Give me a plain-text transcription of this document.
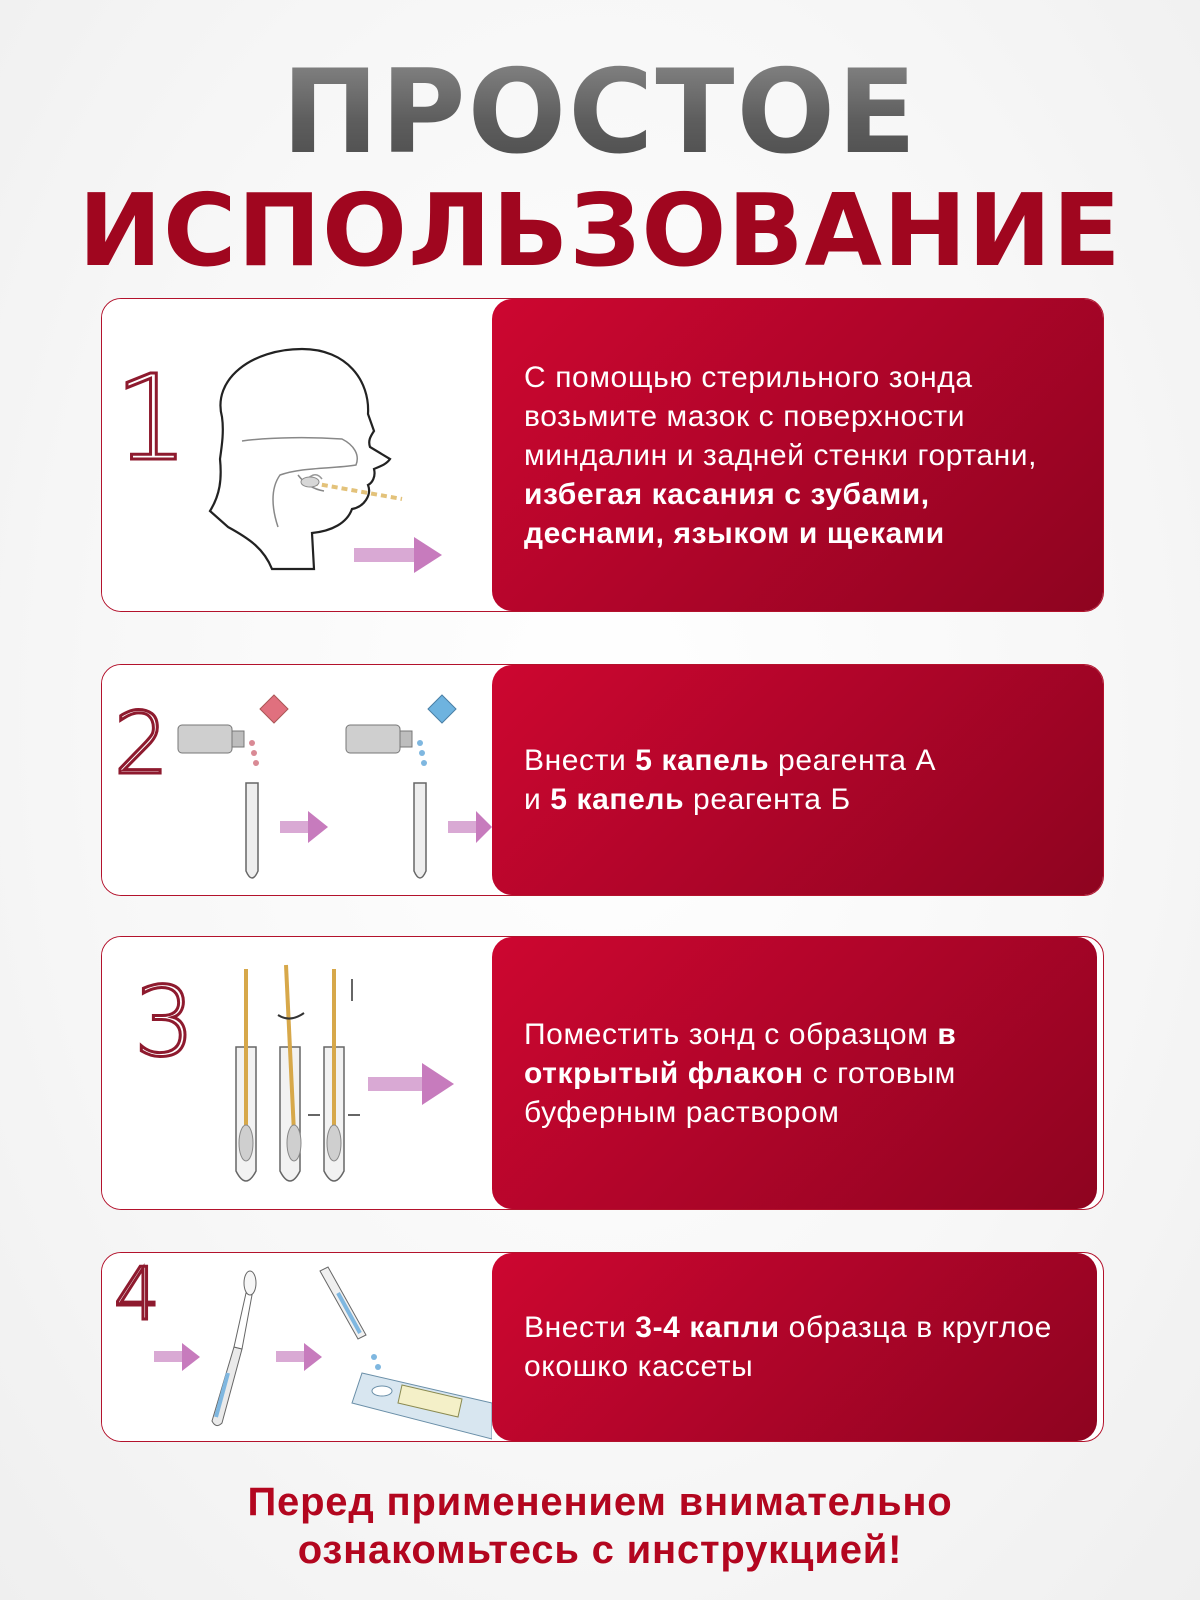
ПРОСТОЕ
ИСПОЛЬЗОВАНИЕ
1	С помощью стерильного зонда возьмите мазок с поверхности миндалин и задней стенки гортани, избегая касания с зубами, деснами, языком и щеками
2	Внести 5 капель реагента А
и 5 капель реагента Б
3	Поместить зонд с образцом в открытый флакон с готовым буферным раствором
4	Внести 3-4 капли образца в круглое окошко кассеты
Перед применением внимательно
ознакомьтесь с инструкцией!
